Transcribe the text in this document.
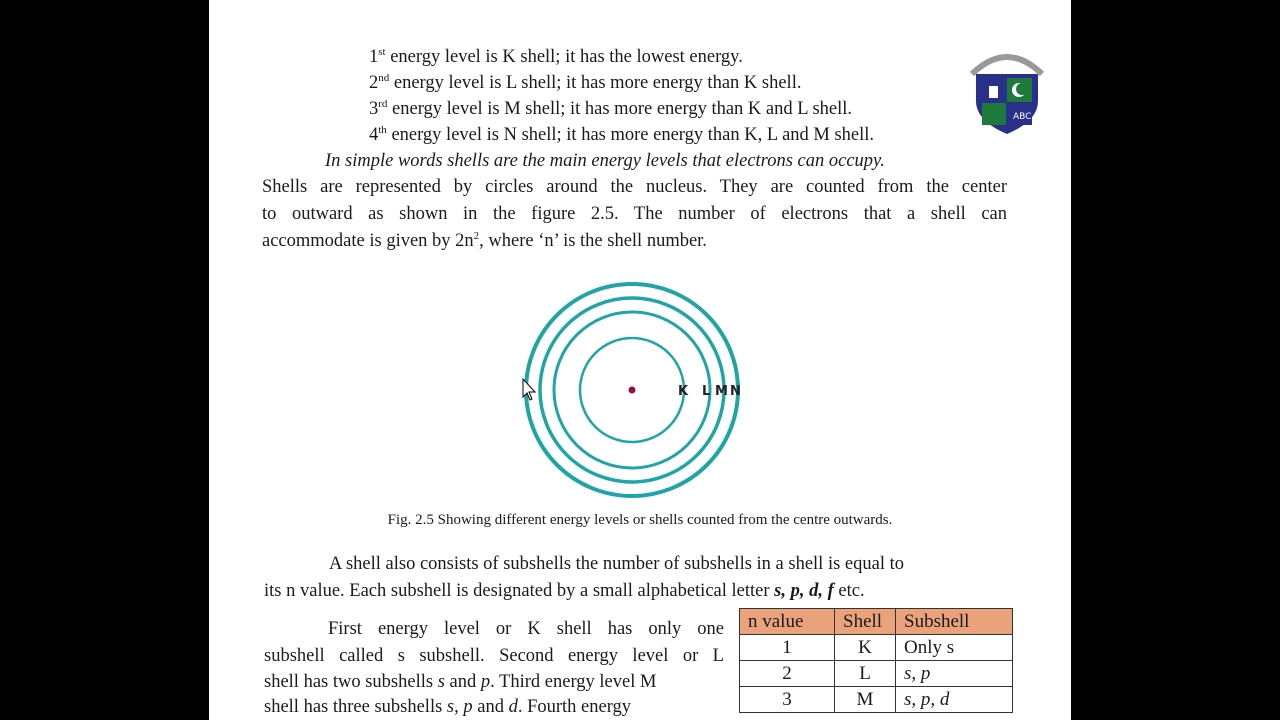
1st energy level is K shell; it has the lowest energy.
2nd energy level is L shell; it has more energy than K shell.
3rd energy level is M shell; it has more energy than K and L shell.
4th energy level is N shell; it has more energy than K, L and M shell.
ABC
In simple words shells are the main energy levels that electrons can occupy.
Shells are represented by circles around the nucleus. They are counted from the center
to outward as shown in the figure 2.5. The number of electrons that a shell can
accommodate is given by $2n^2$, where ‘n’ is the shell number.
K L M N
Fig. 2.5 Showing different energy levels or shells counted from the centre outwards.
A shell also consists of subshells the number of subshells in a shell is equal to
its n value. Each subshell is designated by a small alphabetical letter s, p, d, f etc.
First energy level or K shell has only one
subshell called s subshell. Second energy level or L
shell has two subshells s and p. Third energy level M
shell has three subshells s, p and d. Fourth energy
n value	Shell	Subshell
1	K	Only s
2	L	s, p
3	M	s, p, d
